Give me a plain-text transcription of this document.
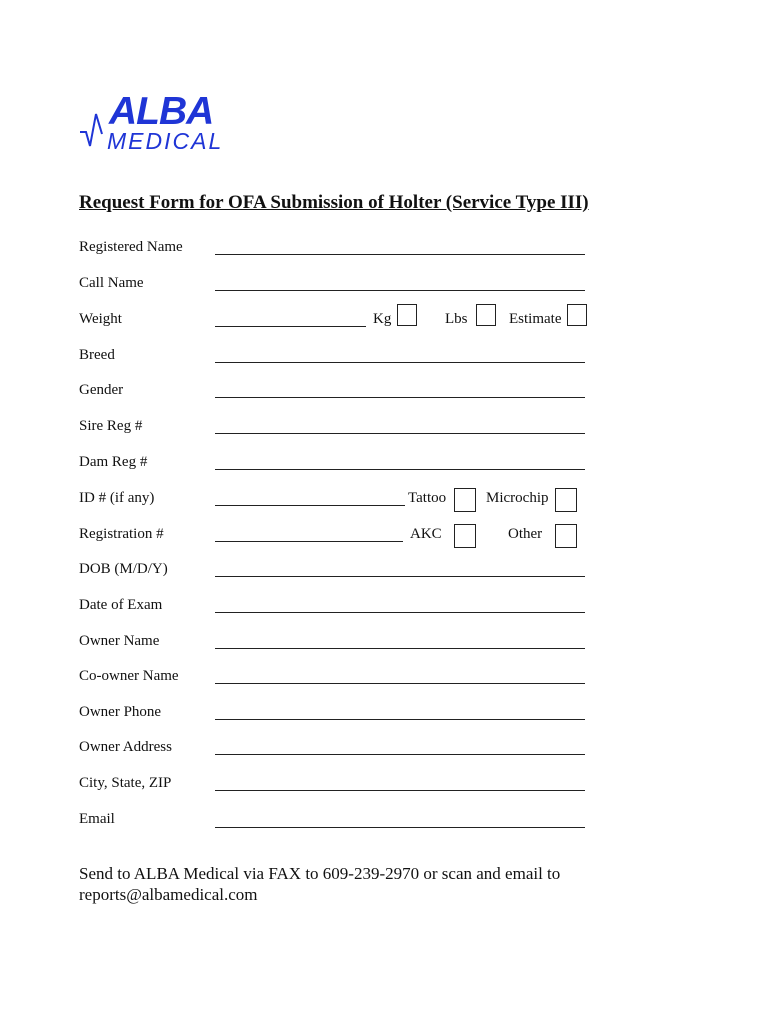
ALBA
MEDICAL
Request Form for OFA Submission of Holter (Service Type III)
Registered Name
Call Name
Weight	Kg	Lbs	Estimate
Breed
Gender
Sire Reg #
Dam Reg #
ID # (if any)	Tattoo	Microchip
Registration #	AKC	Other
DOB (M/D/Y)
Date of Exam
Owner Name
Co-owner Name
Owner Phone
Owner Address
City, State, ZIP
Email
Send to ALBA Medical via FAX to 609-239-2970 or scan and email to
reports@albamedical.com
